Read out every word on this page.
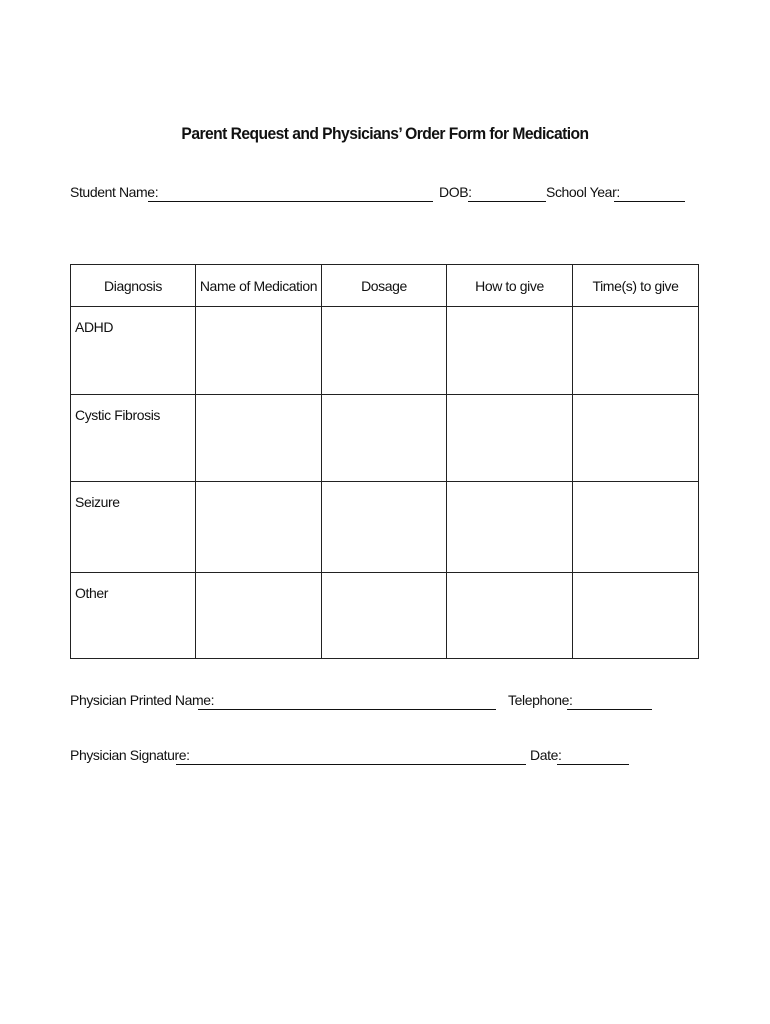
Parent Request and Physicians’ Order Form for Medication
Student Name:	DOB:	School Year:
Diagnosis	Name of Medication	Dosage	How to give	Time(s) to give
ADHD				
Cystic Fibrosis				
Seizure				
Other				
Physician Printed Name:	Telephone:
Physician Signature:	Date:
